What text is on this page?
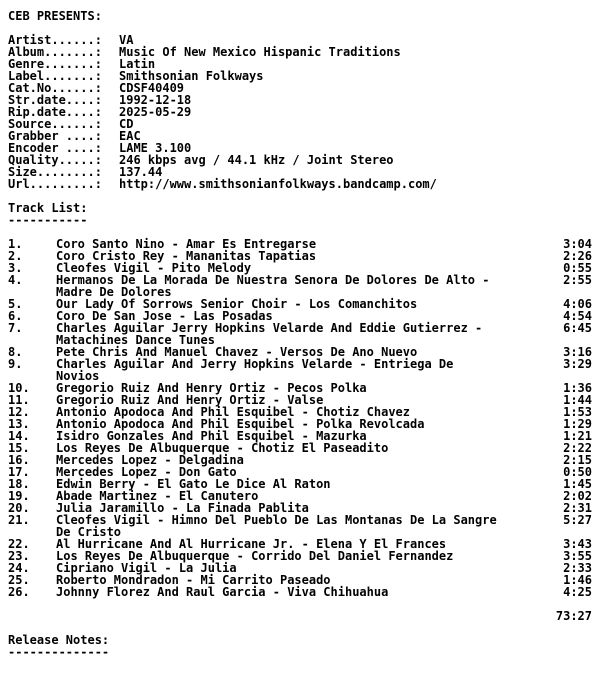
CEB PRESENTS:
Artist......:	VA
Album.......:	Music Of New Mexico Hispanic Traditions
Genre.......:	Latin
Label.......:	Smithsonian Folkways
Cat.No......:	CDSF40409
Str.date....:	1992-12-18
Rip.date....:	2025-05-29
Source......:	CD
Grabber ....:	EAC
Encoder ....:	LAME 3.100
Quality.....:	246 kbps avg / 44.1 kHz / Joint Stereo
Size........:	137.44
Url.........:	http://www.smithsonianfolkways.bandcamp.com/
Track List:
-----------
1.	Coro Santo Nino - Amar Es Entregarse	3:04
2.	Coro Cristo Rey - Mananitas Tapatias	2:26
3.	Cleofes Vigil - Pito Melody	0:55
4.	Hermanos De La Morada De Nuestra Senora De Dolores De Alto -
Madre De Dolores
2:55
5.	Our Lady Of Sorrows Senior Choir - Los Comanchitos	4:06
6.	Coro De San Jose - Las Posadas	4:54
7.	Charles Aguilar Jerry Hopkins Velarde And Eddie Gutierrez -
Matachines Dance Tunes
6:45
8.	Pete Chris And Manuel Chavez - Versos De Ano Nuevo	3:16
9.	Charles Aguilar And Jerry Hopkins Velarde - Entriega De
Novios
3:29
10.	Gregorio Ruiz And Henry Ortiz - Pecos Polka	1:36
11.	Gregorio Ruiz And Henry Ortiz - Valse	1:44
12.	Antonio Apodoca And Phil Esquibel - Chotiz Chavez	1:53
13.	Antonio Apodoca And Phil Esquibel - Polka Revolcada	1:29
14.	Isidro Gonzales And Phil Esquibel - Mazurka	1:21
15.	Los Reyes De Albuquerque - Chotiz El Paseadito	2:22
16.	Mercedes Lopez - Delgadina	2:15
17.	Mercedes Lopez - Don Gato	0:50
18.	Edwin Berry - El Gato Le Dice Al Raton	1:45
19.	Abade Martinez - El Canutero	2:02
20.	Julia Jaramillo - La Finada Pablita	2:31
21.	Cleofes Vigil - Himno Del Pueblo De Las Montanas De La Sangre
De Cristo
5:27
22.	Al Hurricane And Al Hurricane Jr. - Elena Y El Frances	3:43
23.	Los Reyes De Albuquerque - Corrido Del Daniel Fernandez	3:55
24.	Cipriano Vigil - La Julia	2:33
25.	Roberto Mondradon - Mi Carrito Paseado	1:46
26.	Johnny Florez And Raul Garcia - Viva Chihuahua	4:25
73:27
Release Notes:
--------------
